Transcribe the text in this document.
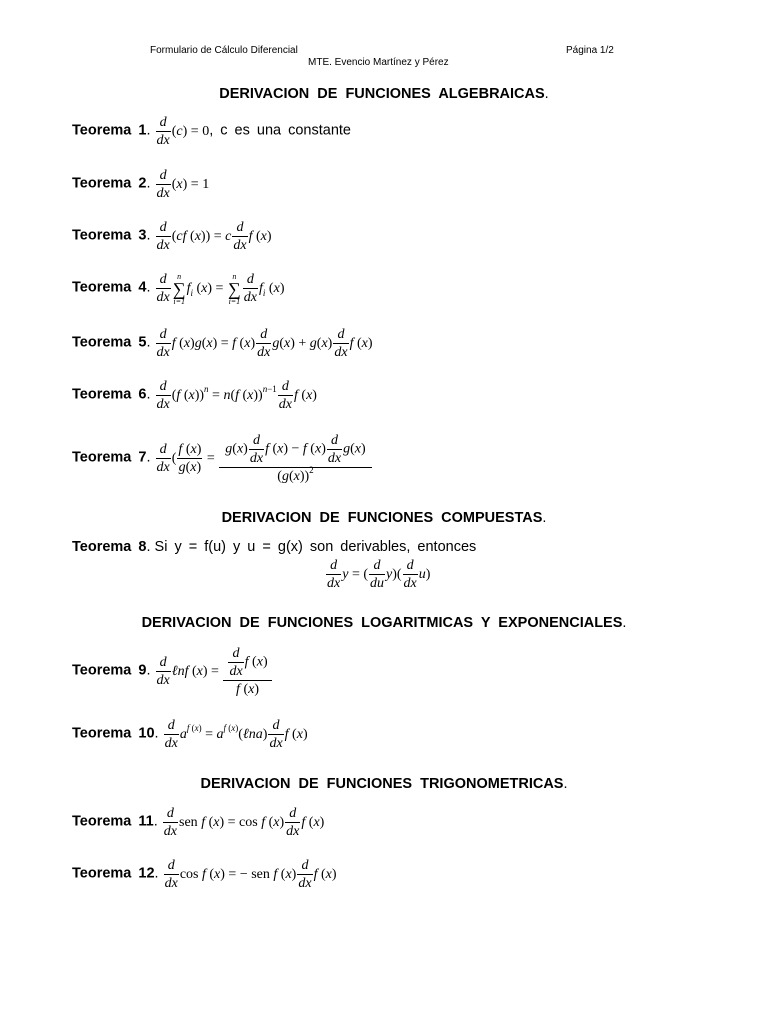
Formulario de Cálculo Diferencial	Página 1/2
MTE. Evencio Martínez y Pérez
DERIVACION DE FUNCIONES ALGEBRAICAS.
Teorema 1. $\frac{d}{dx} (c) = 0$, c es una constante
Teorema 2. $\frac{d}{dx} (x) = 1$
Teorema 3. $\frac{d}{dx} (cf$ (x)) = c $\frac{d}{dx}$ f (x)
Teorema 4. $\frac{d}{dx}$ n
∑
i=1
$f_i$ (x) =
n
∑
$i=1 \frac{d}{dx} f_i$ (x)
Teorema 5. $\frac{d}{dx}$ f (x)g(x) = f $(x) \frac{d}{dx} g(x) + g(x) \frac{d}{dx}$ f (x)
Teorema 6. $\frac{d}{dx} (f$ (x))$^n$ = n(f $(x))^{n-1} \frac{d}{dx}$ f (x)
Teorema 7. $\frac{d}{dx}$ ( $\frac{f (x)}{g(x)} = \frac{g(x) \frac{d}{dx} f (x) - f (x) \frac{d}{dx} g(x)}{(g(x))^2}$
DERIVACION DE FUNCIONES COMPUESTAS.
Teorema 8. Si y = f(u) y u = g(x) son derivables, entonces
$\frac{d}{dx}$ y = ( $\frac{d}{du} y)( \frac{d}{dx} u)$
DERIVACION DE FUNCIONES LOGARITMICAS Y EXPONENCIALES.
Teorema 9. $\frac{d}{dx}$ ℓnf $(x) = \frac{\frac{d}{dx} f (x)}{f (x)}$
Teorema 10. $\frac{d}{dx} a^{f (x)}$ = $a^{f (x)}(\ell na) \frac{d}{dx}$ f (x)
DERIVACION DE FUNCIONES TRIGONOMETRICAS.
Teorema 11. $\frac{d}{dx}$ sen f (x) = cos f $(x) \frac{d}{dx}$ f (x)
Teorema 12. $\frac{d}{dx}$ cos f (x) = − sen f $(x) \frac{d}{dx}$ f (x)
